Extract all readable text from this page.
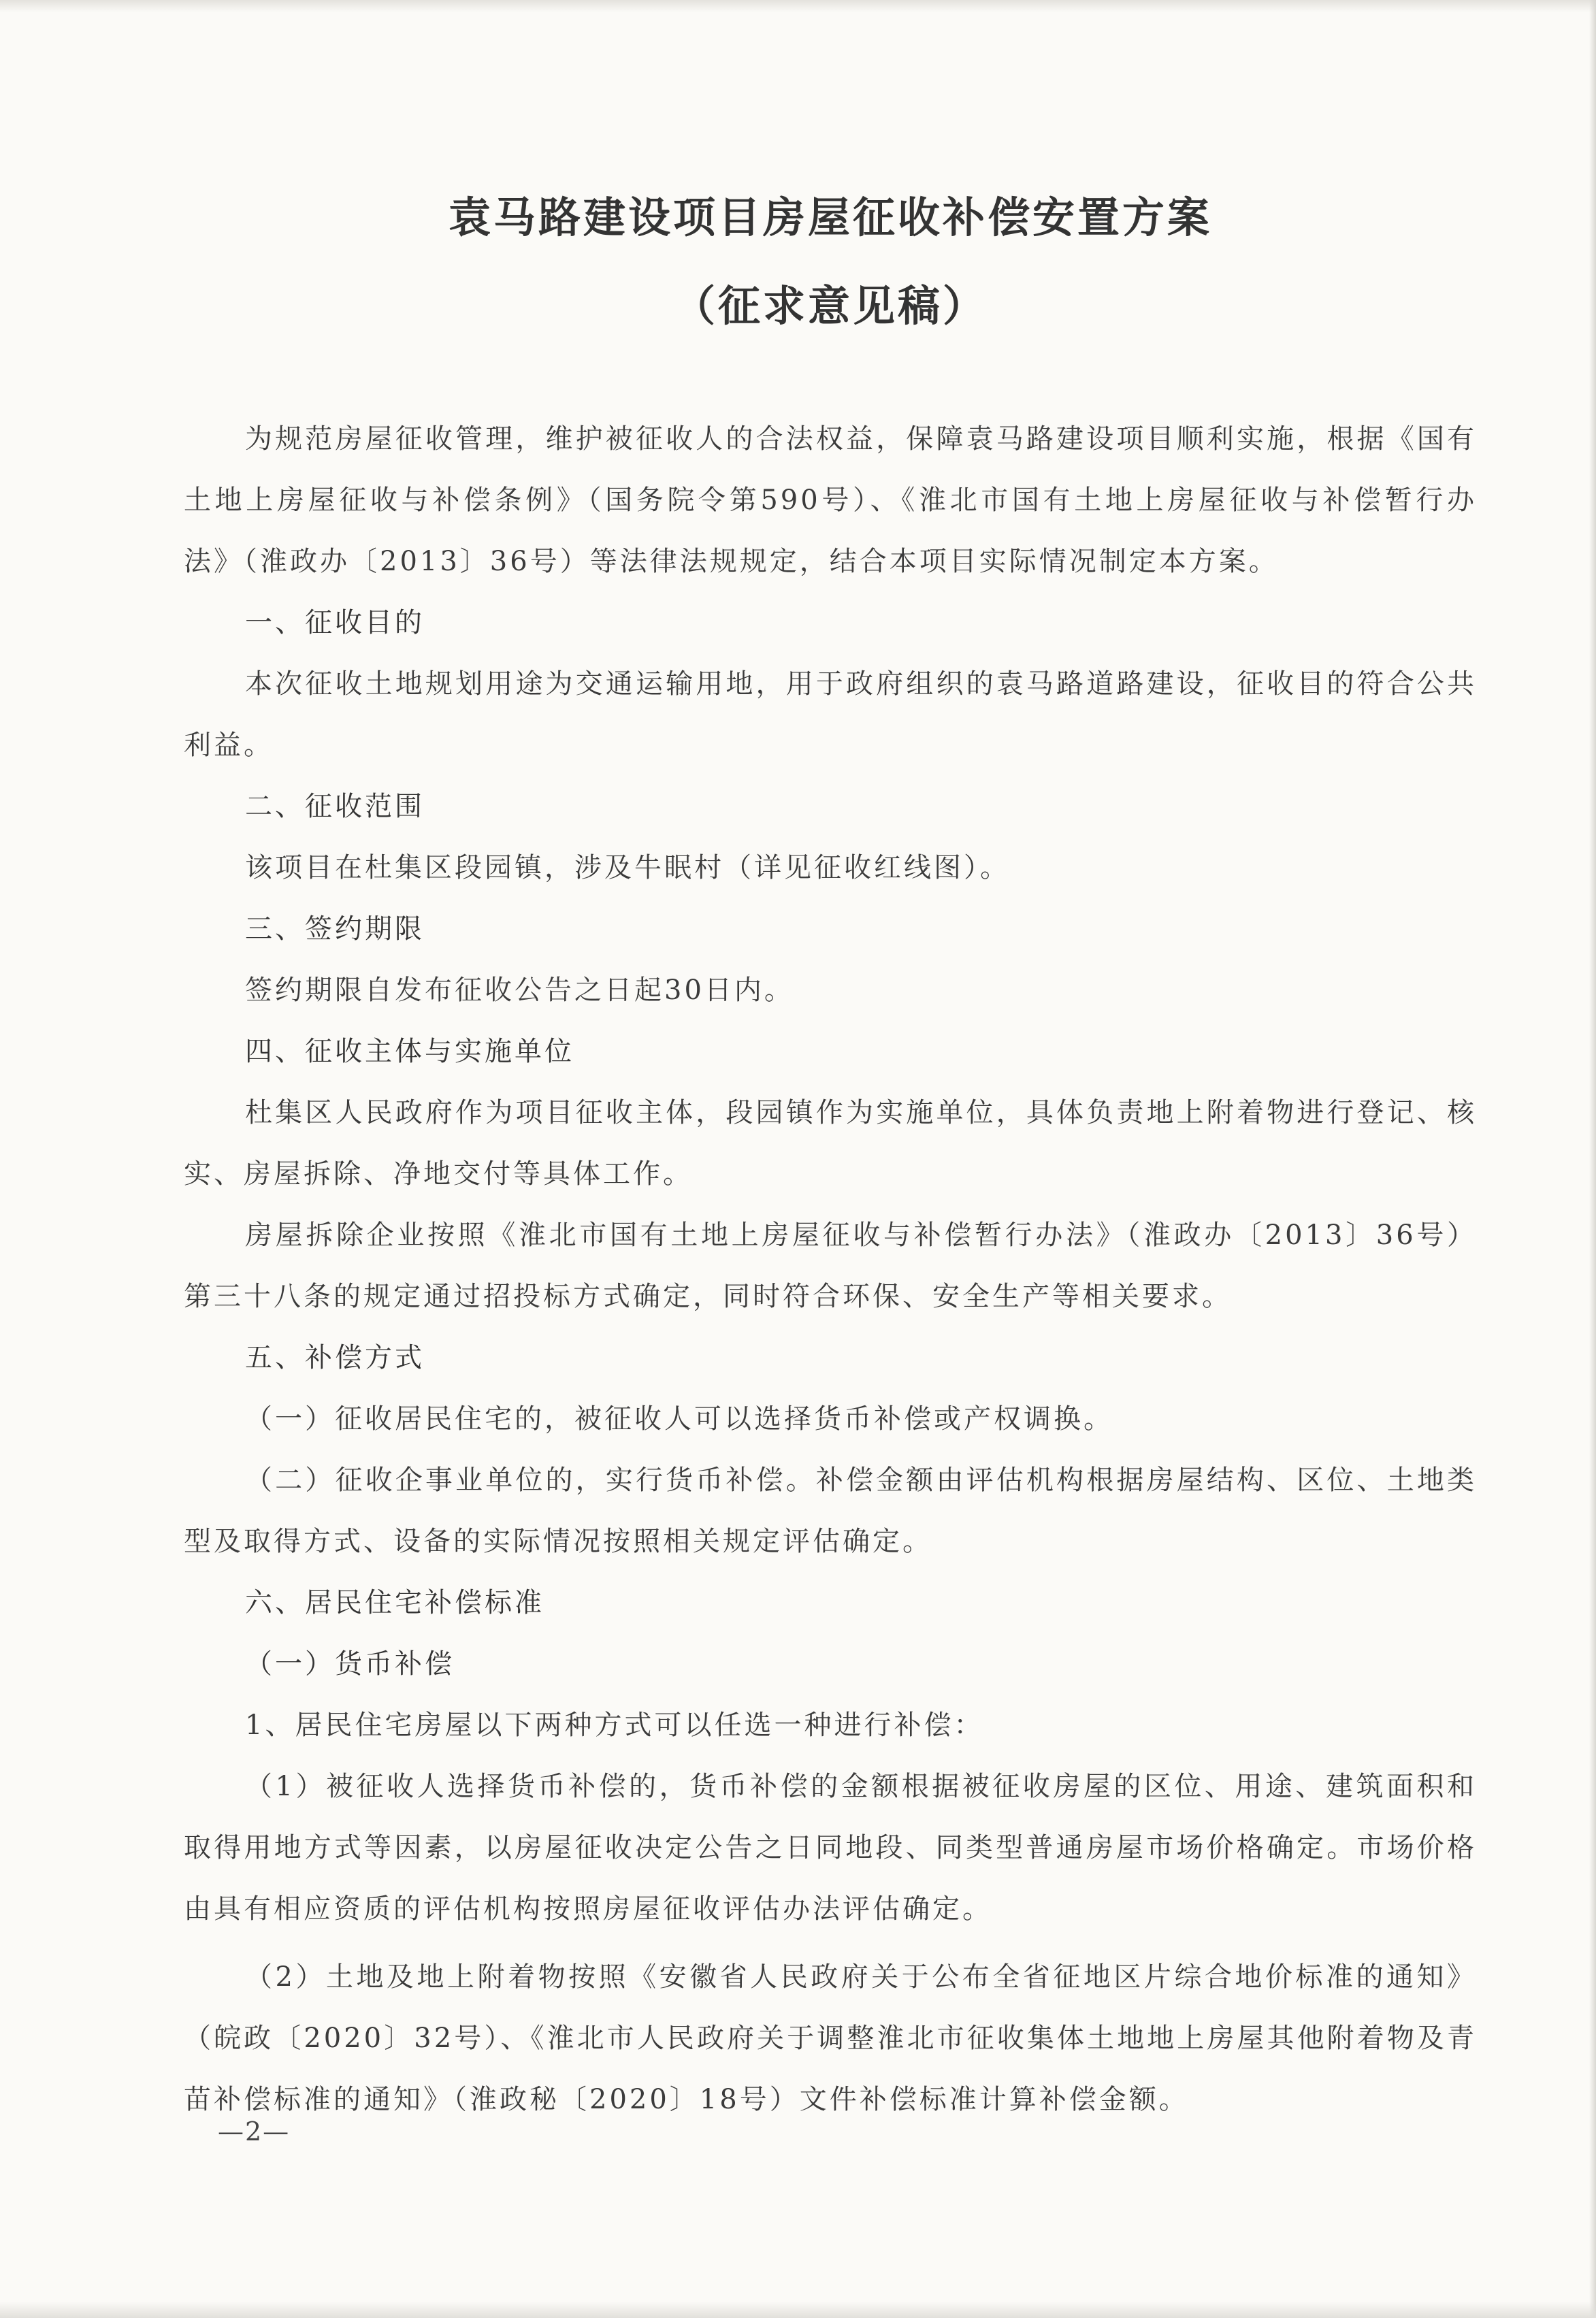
袁马路建设项目房屋征收补偿安置方案
（征求意见稿）

为规范房屋征收管理，维护被征收人的合法权益，保障袁马路建设项目顺利实施，根据《国有土地上房屋征收与补偿条例》（国务院令第590号）、《淮北市国有土地上房屋征收与补偿暂行办法》（淮政办〔2013〕36号）等法律法规规定，结合本项目实际情况制定本方案。

一、征收目的

本次征收土地规划用途为交通运输用地，用于政府组织的袁马路道路建设，征收目的符合公共利益。

二、征收范围

该项目在杜集区段园镇，涉及牛眠村（详见征收红线图）。

三、签约期限

签约期限自发布征收公告之日起30日内。

四、征收主体与实施单位

杜集区人民政府作为项目征收主体，段园镇作为实施单位，具体负责地上附着物进行登记、核实、房屋拆除、净地交付等具体工作。

房屋拆除企业按照《淮北市国有土地上房屋征收与补偿暂行办法》（淮政办〔2013〕36号）第三十八条的规定通过招投标方式确定，同时符合环保、安全生产等相关要求。

五、补偿方式

（一）征收居民住宅的，被征收人可以选择货币补偿或产权调换。

（二）征收企事业单位的，实行货币补偿。补偿金额由评估机构根据房屋结构、区位、土地类型及取得方式、设备的实际情况按照相关规定评估确定。

六、居民住宅补偿标准

（一）货币补偿

1、居民住宅房屋以下两种方式可以任选一种进行补偿：

（1）被征收人选择货币补偿的，货币补偿的金额根据被征收房屋的区位、用途、建筑面积和取得用地方式等因素，以房屋征收决定公告之日同地段、同类型普通房屋市场价格确定。市场价格由具有相应资质的评估机构按照房屋征收评估办法评估确定。

（2）土地及地上附着物按照《安徽省人民政府关于公布全省征地区片综合地价标准的通知》（皖政〔2020〕32号）、《淮北市人民政府关于调整淮北市征收集体土地地上房屋其他附着物及青苗补偿标准的通知》（淮政秘〔2020〕18号）文件补偿标准计算补偿金额。

—2—
